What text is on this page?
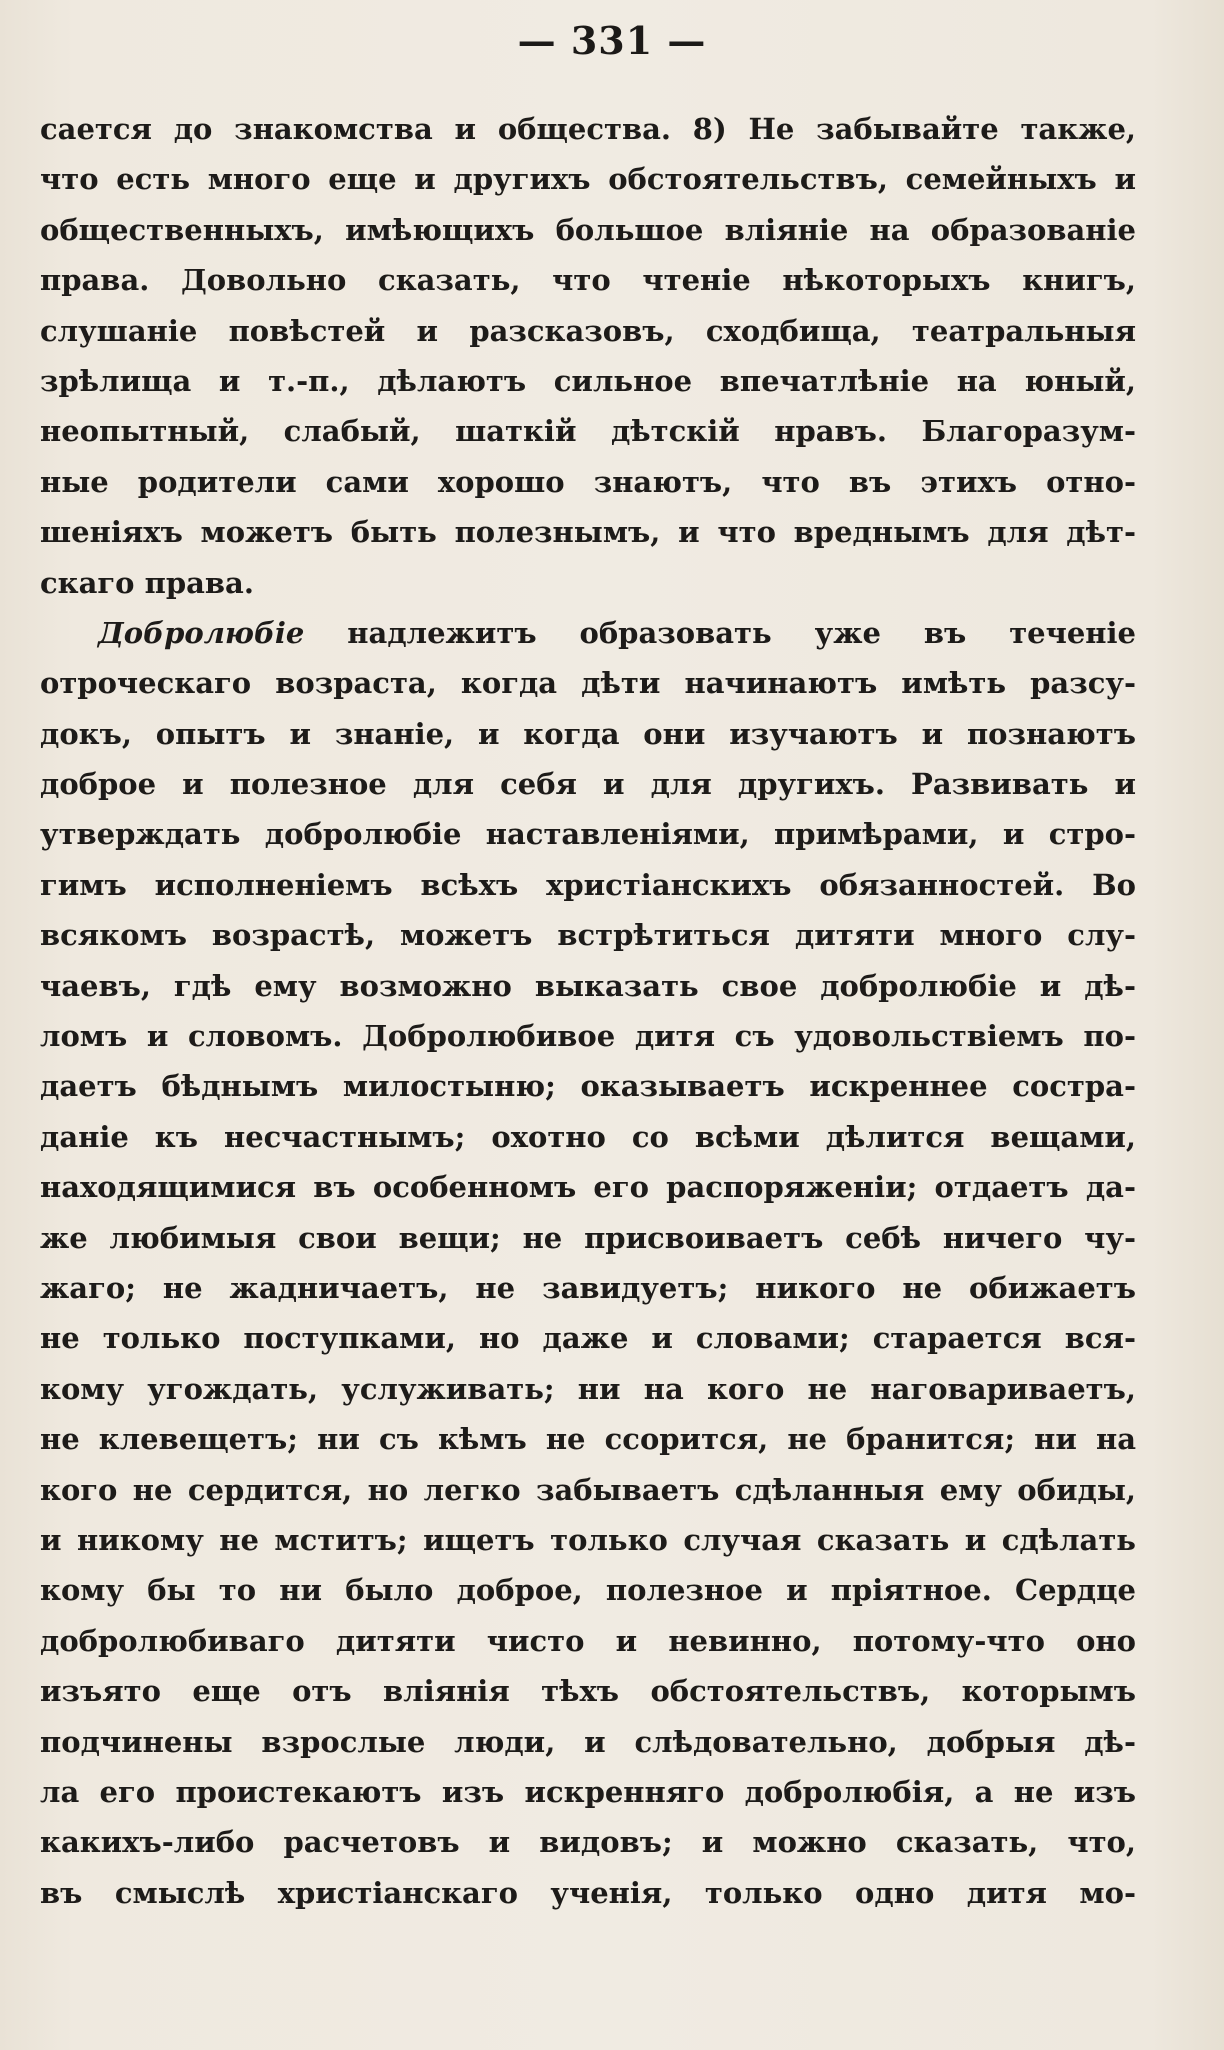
— 331 —
сается до знакомства и общества. 8) Не забывайте также,
что есть много еще и другихъ обстоятельствъ, семейныхъ и
общественныхъ, имѣющихъ большое вліяніе на образованіе
права. Довольно сказать, что чтеніе нѣкоторыхъ книгъ,
слушаніе повѣстей и разсказовъ, сходбища, театральныя
зрѣлища и т.-п., дѣлаютъ сильное впечатлѣніе на юный,
неопытный, слабый, шаткій дѣтскій нравъ. Благоразум-
ные родители сами хорошо знаютъ, что въ этихъ отно-
шеніяхъ можетъ быть полезнымъ, и что вреднымъ для дѣт-
скаго права.
Добролюбіе надлежитъ образовать уже въ теченіе
отроческаго возраста, когда дѣти начинаютъ имѣть разсу-
докъ, опытъ и знаніе, и когда они изучаютъ и познаютъ
доброе и полезное для себя и для другихъ. Развивать и
утверждать добролюбіе наставленіями, примѣрами, и стро-
гимъ исполненіемъ всѣхъ христіанскихъ обязанностей. Во
всякомъ возрастѣ, можетъ встрѣтиться дитяти много слу-
чаевъ, гдѣ ему возможно выказать свое добролюбіе и дѣ-
ломъ и словомъ. Добролюбивое дитя съ удовольствіемъ по-
даетъ бѣднымъ милостыню; оказываетъ искреннее состра-
даніе къ несчастнымъ; охотно со всѣми дѣлится вещами,
находящимися въ особенномъ его распоряженіи; отдаетъ да-
же любимыя свои вещи; не присвоиваетъ себѣ ничего чу-
жаго; не жадничаетъ, не завидуетъ; никого не обижаетъ
не только поступками, но даже и словами; старается вся-
кому угождать, услуживать; ни на кого не наговариваетъ,
не клевещетъ; ни съ кѣмъ не ссорится, не бранится; ни на
кого не сердится, но легко забываетъ сдѣланныя ему обиды,
и никому не мститъ; ищетъ только случая сказать и сдѣлать
кому бы то ни было доброе, полезное и пріятное. Сердце
добролюбиваго дитяти чисто и невинно, потому-что оно
изъято еще отъ вліянія тѣхъ обстоятельствъ, которымъ
подчинены взрослые люди, и слѣдовательно, добрыя дѣ-
ла его проистекаютъ изъ искренняго добролюбія, а не изъ
какихъ-либо расчетовъ и видовъ; и можно сказать, что,
въ смыслѣ христіанскаго ученія, только одно дитя мо-
